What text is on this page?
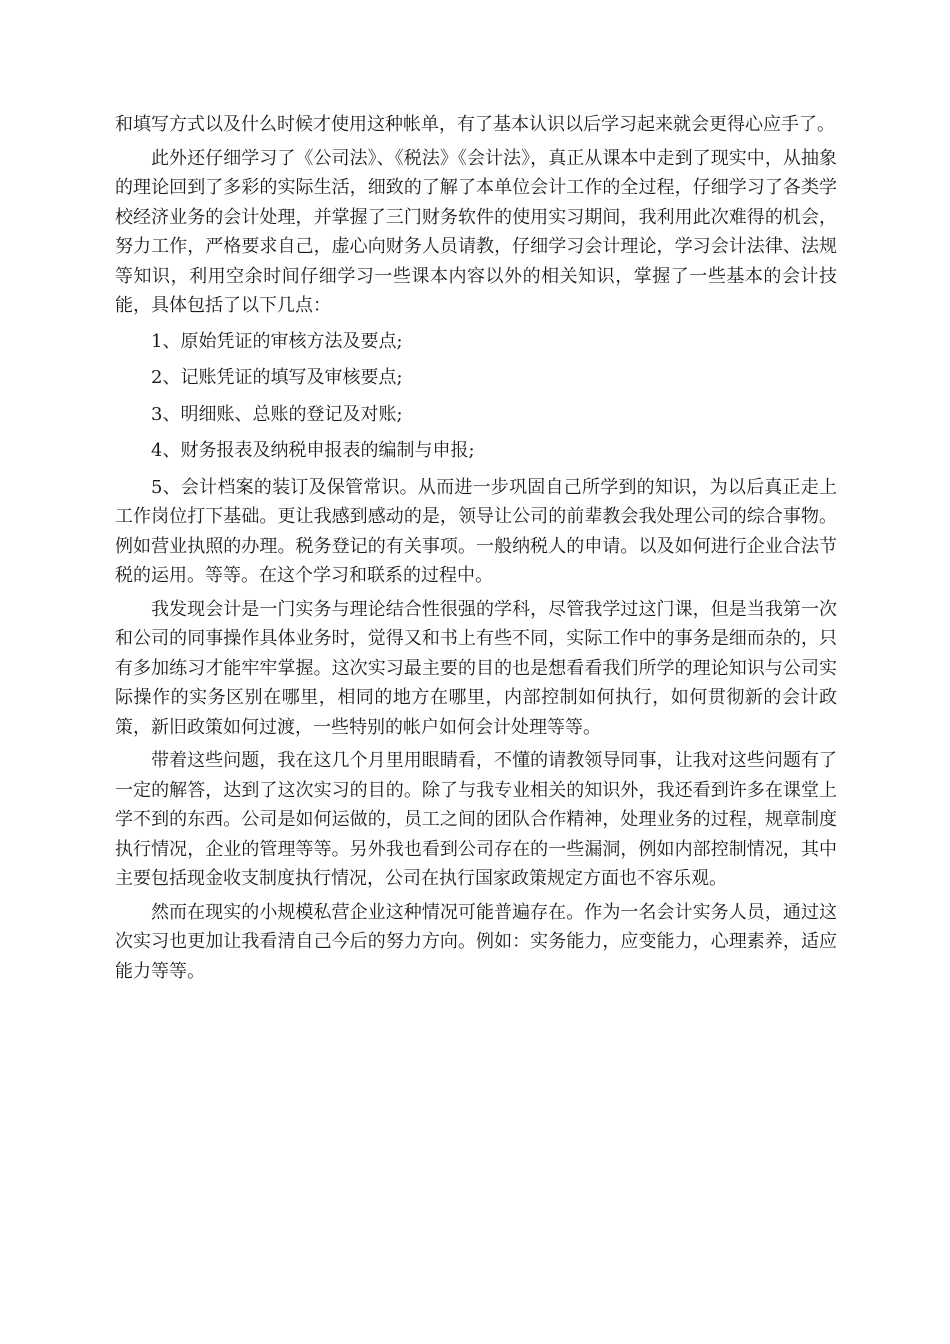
和填写方式以及什么时候才使用这种帐单，有了基本认识以后学习起来就会更得心应手了。

此外还仔细学习了《公司法》、《税法》《会计法》，真正从课本中走到了现实中，从抽象的理论回到了多彩的实际生活，细致的了解了本单位会计工作的全过程，仔细学习了各类学校经济业务的会计处理，并掌握了三门财务软件的使用实习期间，我利用此次难得的机会，努力工作，严格要求自己，虚心向财务人员请教，仔细学习会计理论，学习会计法律、法规等知识，利用空余时间仔细学习一些课本内容以外的相关知识，掌握了一些基本的会计技能，具体包括了以下几点：

1、原始凭证的审核方法及要点;

2、记账凭证的填写及审核要点;

3、明细账、总账的登记及对账;

4、财务报表及纳税申报表的编制与申报;

5、会计档案的装订及保管常识。从而进一步巩固自己所学到的知识，为以后真正走上工作岗位打下基础。更让我感到感动的是，领导让公司的前辈教会我处理公司的综合事物。例如营业执照的办理。税务登记的有关事项。一般纳税人的申请。以及如何进行企业合法节税的运用。等等。在这个学习和联系的过程中。

我发现会计是一门实务与理论结合性很强的学科，尽管我学过这门课，但是当我第一次和公司的同事操作具体业务时，觉得又和书上有些不同，实际工作中的事务是细而杂的，只有多加练习才能牢牢掌握。这次实习最主要的目的也是想看看我们所学的理论知识与公司实际操作的实务区别在哪里，相同的地方在哪里，内部控制如何执行，如何贯彻新的会计政策，新旧政策如何过渡，一些特别的帐户如何会计处理等等。

带着这些问题，我在这几个月里用眼睛看，不懂的请教领导同事，让我对这些问题有了一定的解答，达到了这次实习的目的。除了与我专业相关的知识外，我还看到许多在课堂上学不到的东西。公司是如何运做的，员工之间的团队合作精神，处理业务的过程，规章制度执行情况，企业的管理等等。另外我也看到公司存在的一些漏洞，例如内部控制情况，其中主要包括现金收支制度执行情况，公司在执行国家政策规定方面也不容乐观。

然而在现实的小规模私营企业这种情况可能普遍存在。作为一名会计实务人员，通过这次实习也更加让我看清自己今后的努力方向。例如：实务能力，应变能力，心理素养，适应能力等等。
